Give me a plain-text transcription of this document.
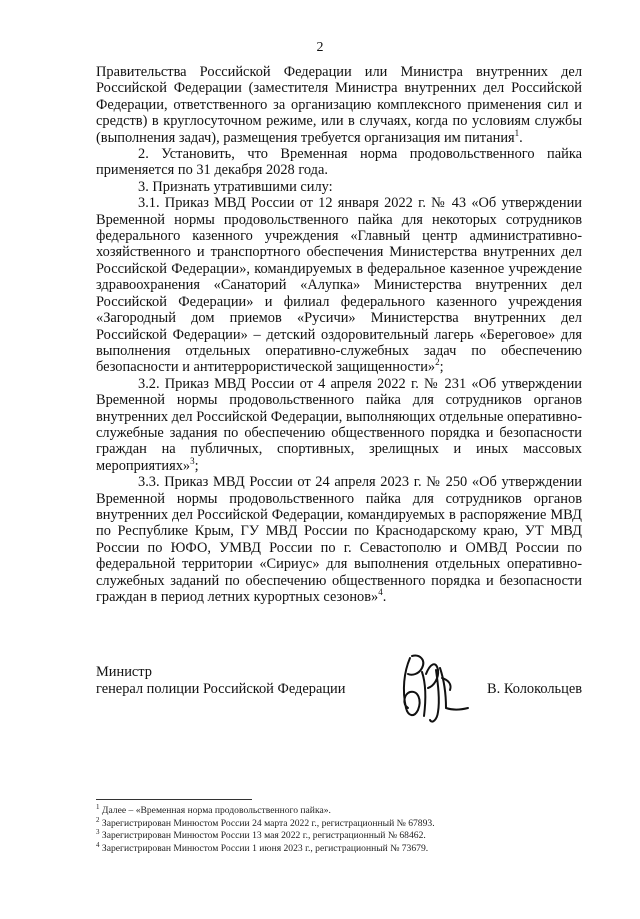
2

Правительства Российской Федерации или Министра внутренних дел Российской Федерации (заместителя Министра внутренних дел Российской Федерации, ответственного за организацию комплексного применения сил и средств) в круглосуточном режиме, или в случаях, когда по условиям службы (выполнения задач), размещения требуется организация им питания$^1$.

2. Установить, что Временная норма продовольственного пайка применяется по 31 декабря 2028 года.

3. Признать утратившими силу:

3.1. Приказ МВД России от 12 января 2022 г. № 43 «Об утверждении Временной нормы продовольственного пайка для некоторых сотрудников федерального казенного учреждения «Главный центр административно-хозяйственного и транспортного обеспечения Министерства внутренних дел Российской Федерации», командируемых в федеральное казенное учреждение здравоохранения «Санаторий «Алупка» Министерства внутренних дел Российской Федерации» и филиал федерального казенного учреждения «Загородный дом приемов «Русичи» Министерства внутренних дел Российской Федерации» – детский оздоровительный лагерь «Береговое» для выполнения отдельных оперативно-служебных задач по обеспечению безопасности и антитеррористической защищенности»$^2$;

3.2. Приказ МВД России от 4 апреля 2022 г. № 231 «Об утверждении Временной нормы продовольственного пайка для сотрудников органов внутренних дел Российской Федерации, выполняющих отдельные оперативно-служебные задания по обеспечению общественного порядка и безопасности граждан на публичных, спортивных, зрелищных и иных массовых мероприятиях»$^3$;

3.3. Приказ МВД России от 24 апреля 2023 г. № 250 «Об утверждении Временной нормы продовольственного пайка для сотрудников органов внутренних дел Российской Федерации, командируемых в распоряжение МВД по Республике Крым, ГУ МВД России по Краснодарскому краю, УТ МВД России по ЮФО, УМВД России по г. Севастополю и ОМВД России по федеральной территории «Сириус» для выполнения отдельных оперативно-служебных заданий по обеспечению общественного порядка и безопасности граждан в период летних курортных сезонов»$^4$.

Министр
генерал полиции Российской Федерации	В. Колокольцев
$^1$ Далее – «Временная норма продовольственного пайка».
$^2$ Зарегистрирован Минюстом России 24 марта 2022 г., регистрационный № 67893.
$^3$ Зарегистрирован Минюстом России 13 мая 2022 г., регистрационный № 68462.
$^4$ Зарегистрирован Минюстом России 1 июня 2023 г., регистрационный № 73679.
